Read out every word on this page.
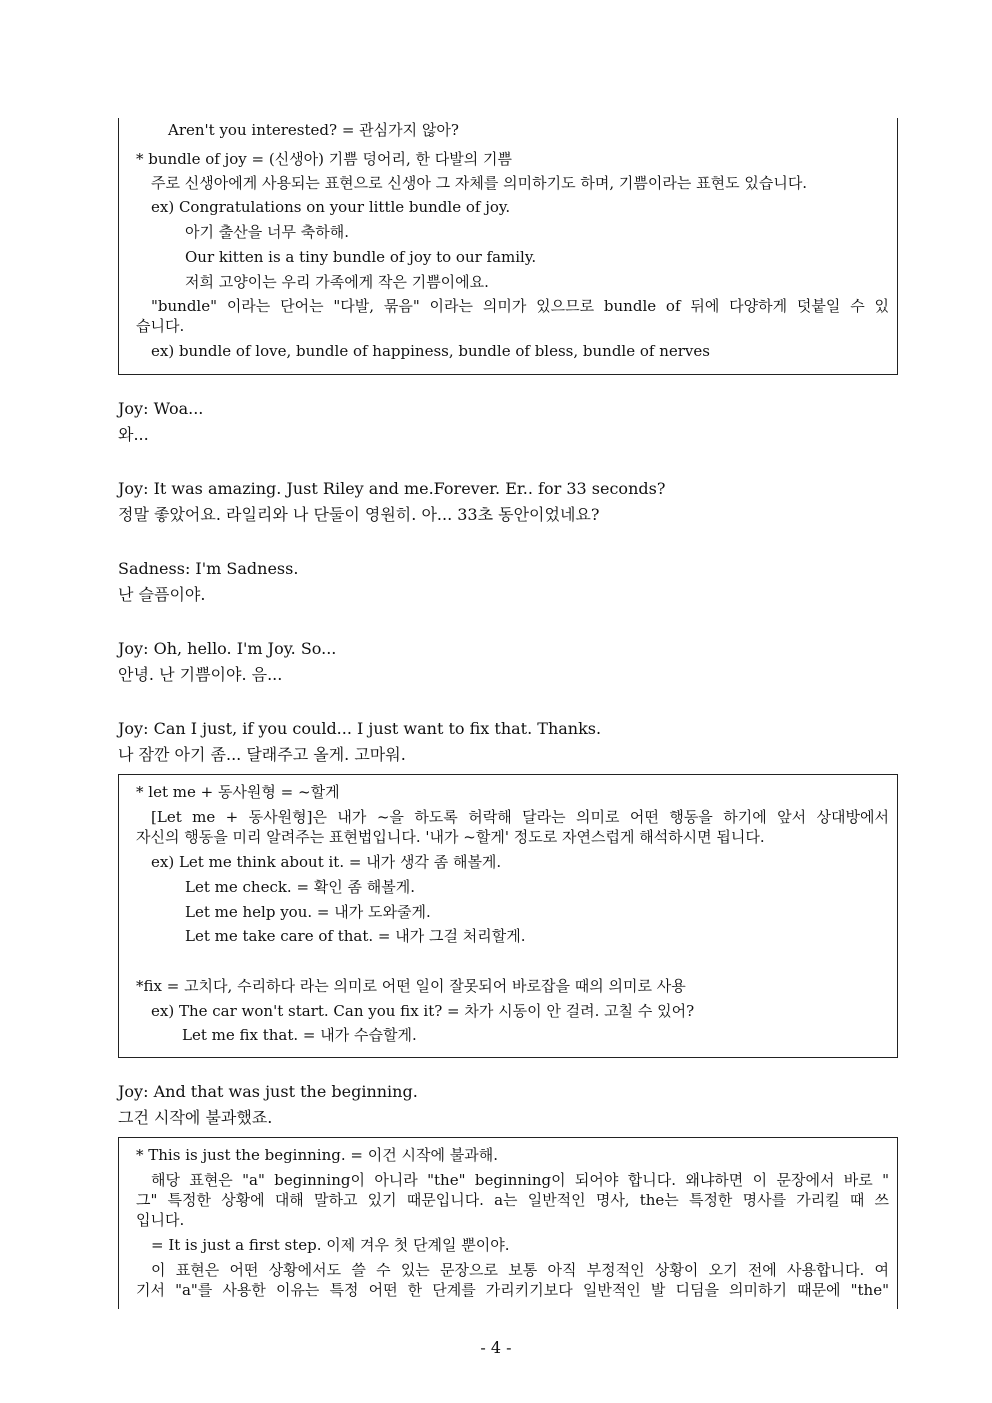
Aren't you interested? = 관심가지 않아?
* bundle of joy = (신생아) 기쁨 덩어리, 한 다발의 기쁨
주로 신생아에게 사용되는 표현으로 신생아 그 자체를 의미하기도 하며, 기쁨이라는 표현도 있습니다.
ex) Congratulations on your little bundle of joy.
아기 출산을 너무 축하해.
Our kitten is a tiny bundle of joy to our family.
저희 고양이는 우리 가족에게 작은 기쁨이에요.
"bundle" 이라는 단어는 "다발, 묶음" 이라는 의미가 있으므로 bundle of 뒤에 다양하게 덧붙일 수 있
습니다.
ex) bundle of love, bundle of happiness, bundle of bless, bundle of nerves
Joy: Woa...
와...
Joy: It was amazing. Just Riley and me.Forever. Er.. for 33 seconds?
정말 좋았어요. 라일리와 나 단둘이 영원히. 아... 33초 동안이었네요?
Sadness: I'm Sadness.
난 슬픔이야.
Joy: Oh, hello. I'm Joy. So...
안녕. 난 기쁨이야. 음...
Joy: Can I just, if you could... I just want to fix that. Thanks.
나 잠깐 아기 좀... 달래주고 올게. 고마워.
* let me + 동사원형 = ~할게
[Let me + 동사원형]은 내가 ~을 하도록 허락해 달라는 의미로 어떤 행동을 하기에 앞서 상대방에서
자신의 행동을 미리 알려주는 표현법입니다. '내가 ~할게' 정도로 자연스럽게 해석하시면 됩니다.
ex) Let me think about it. = 내가 생각 좀 해볼게.
Let me check. = 확인 좀 해볼게.
Let me help you. = 내가 도와줄게.
Let me take care of that. = 내가 그걸 처리할게.
*fix = 고치다, 수리하다 라는 의미로 어떤 일이 잘못되어 바로잡을 때의 의미로 사용
ex) The car won't start. Can you fix it? = 차가 시동이 안 걸려. 고칠 수 있어?
Let me fix that. = 내가 수습할게.
Joy: And that was just the beginning.
그건 시작에 불과했죠.
* This is just the beginning. = 이건 시작에 불과해.
해당 표현은 "a" beginning이 아니라 "the" beginning이 되어야 합니다. 왜냐하면 이 문장에서 바로 "
그" 특정한 상황에 대해 말하고 있기 때문입니다. a는 일반적인 명사, the는 특정한 명사를 가리킬 때 쓰
입니다.
= It is just a first step. 이제 겨우 첫 단계일 뿐이야.
이 표현은 어떤 상황에서도 쓸 수 있는 문장으로 보통 아직 부정적인 상황이 오기 전에 사용합니다. 여
기서 "a"를 사용한 이유는 특정 어떤 한 단계를 가리키기보다 일반적인 발 디딤을 의미하기 때문에 "the"
- 4 -
